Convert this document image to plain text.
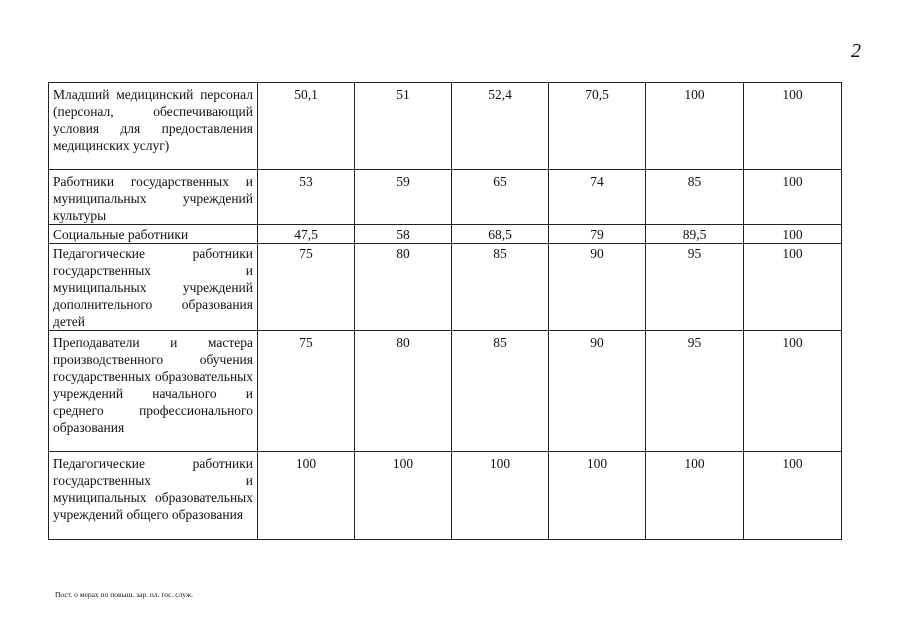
2
Младший медицинский персонал (персонал, обеспечивающий условия для предоставления медицинских услуг)	50,1	51	52,4	70,5	100	100
Работники государственных и муниципальных учреждений культуры	53	59	65	74	85	100
Социальные работники	47,5	58	68,5	79	89,5	100
Педагогические работники государственных и муниципальных учреждений дополнительного образования детей	75	80	85	90	95	100
Преподаватели и мастера производственного обучения государственных образовательных учреждений начального и среднего профессионального образования	75	80	85	90	95	100
Педагогические работники государственных и муниципальных образовательных учреждений общего образования	100	100	100	100	100	100
Пост. о мерах по повыш. зар. пл. гос. служ.
